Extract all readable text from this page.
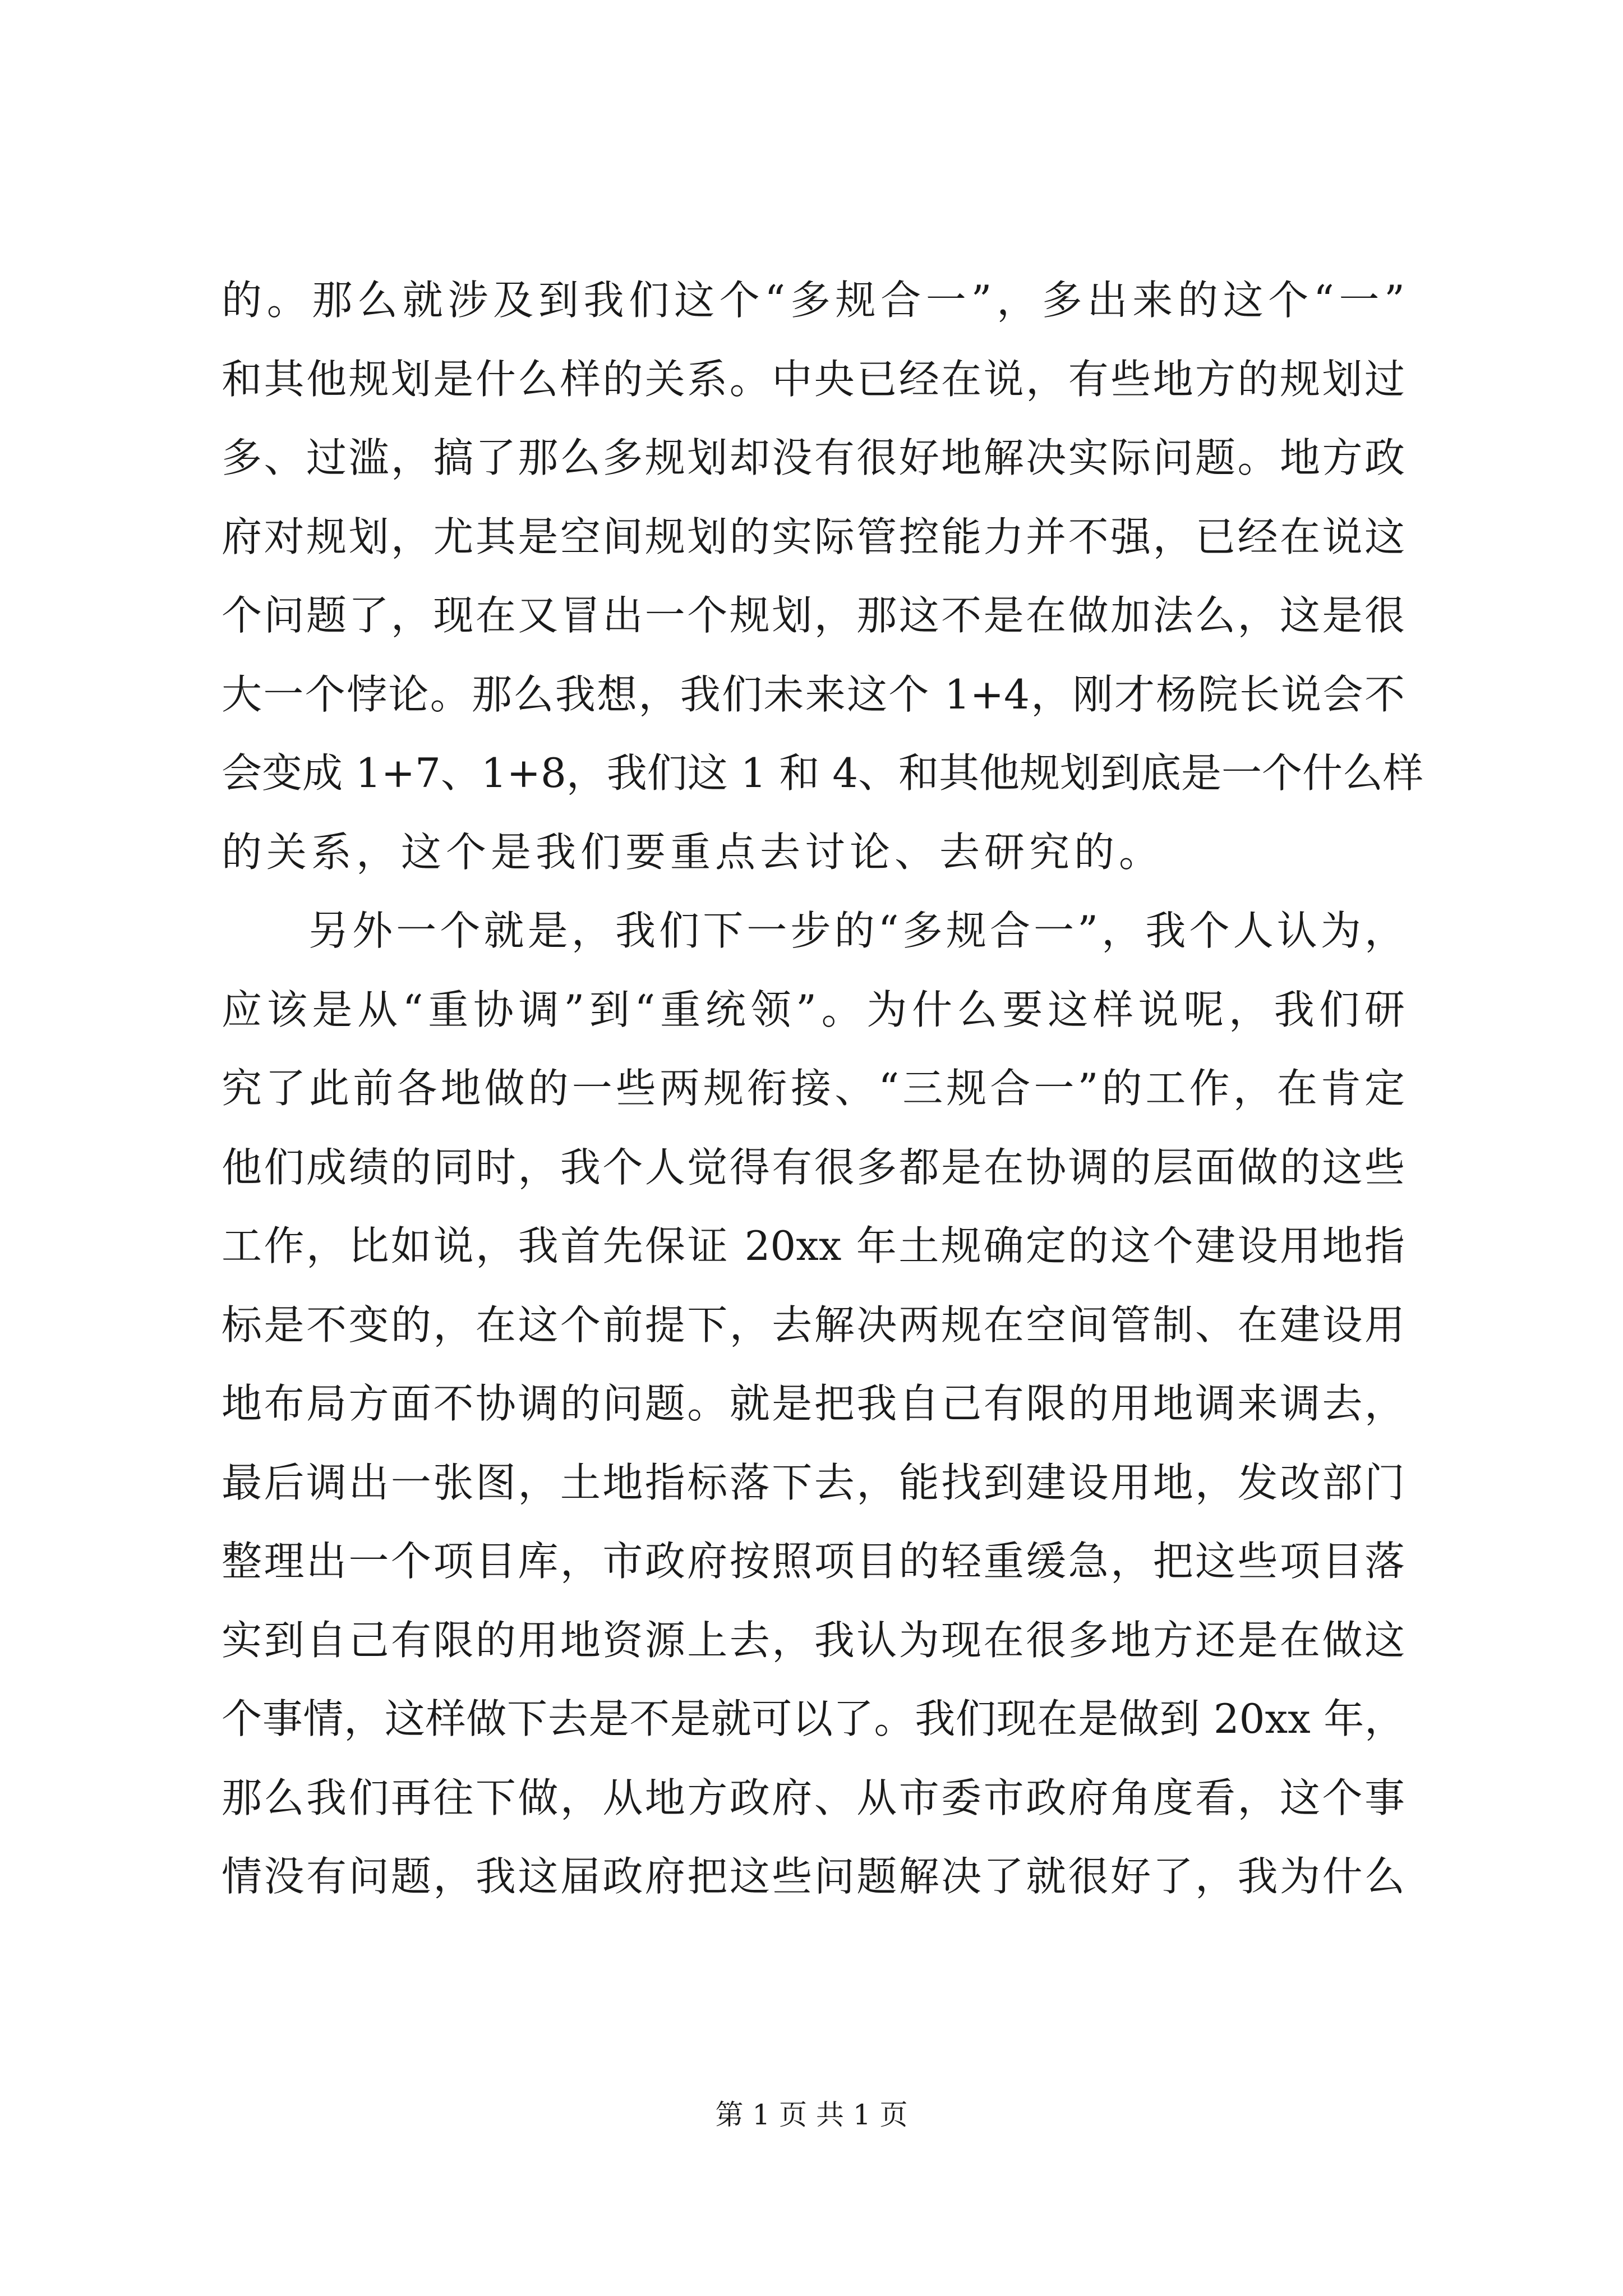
的。那么就涉及到我们这个“多规合一”，多出来的这个“一”
和其他规划是什么样的关系。中央已经在说，有些地方的规划过
多、过滥，搞了那么多规划却没有很好地解决实际问题。地方政
府对规划，尤其是空间规划的实际管控能力并不强，已经在说这
个问题了，现在又冒出一个规划，那这不是在做加法么，这是很
大一个悖论。那么我想，我们未来这个 1+4，刚才杨院长说会不
会变成 1+7、1+8，我们这 1 和 4、和其他规划到底是一个什么样
的关系，这个是我们要重点去讨论、去研究的。
另外一个就是，我们下一步的“多规合一”，我个人认为，
应该是从“重协调”到“重统领”。为什么要这样说呢，我们研
究了此前各地做的一些两规衔接、“三规合一”的工作，在肯定
他们成绩的同时，我个人觉得有很多都是在协调的层面做的这些
工作，比如说，我首先保证 20xx 年土规确定的这个建设用地指
标是不变的，在这个前提下，去解决两规在空间管制、在建设用
地布局方面不协调的问题。就是把我自己有限的用地调来调去，
最后调出一张图，土地指标落下去，能找到建设用地，发改部门
整理出一个项目库，市政府按照项目的轻重缓急，把这些项目落
实到自己有限的用地资源上去，我认为现在很多地方还是在做这
个事情，这样做下去是不是就可以了。我们现在是做到 20xx 年，
那么我们再往下做，从地方政府、从市委市政府角度看，这个事
情没有问题，我这届政府把这些问题解决了就很好了，我为什么
第 1 页 共 1 页
